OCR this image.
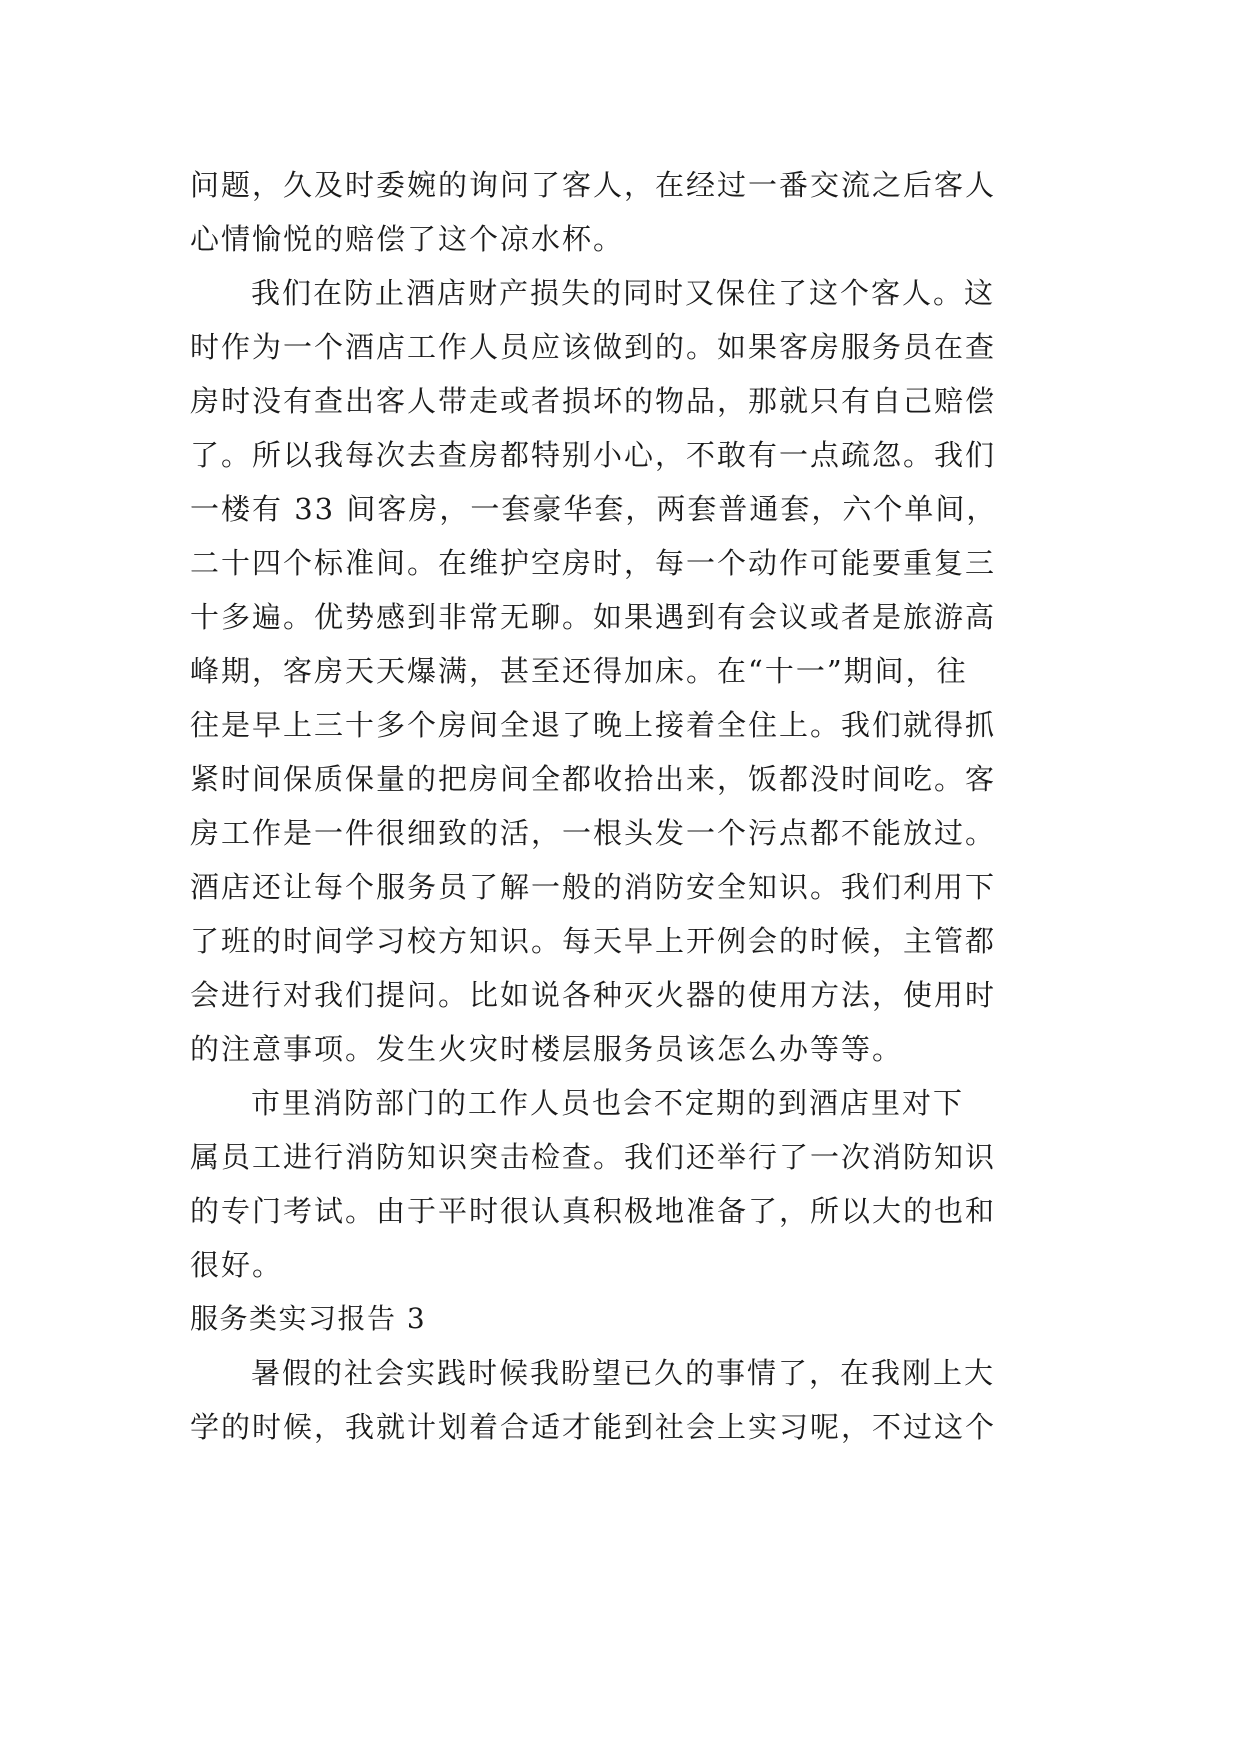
问题，久及时委婉的询问了客人，在经过一番交流之后客人
心情愉悦的赔偿了这个凉水杯。
我们在防止酒店财产损失的同时又保住了这个客人。这
时作为一个酒店工作人员应该做到的。如果客房服务员在查
房时没有查出客人带走或者损坏的物品，那就只有自己赔偿
了。所以我每次去查房都特别小心，不敢有一点疏忽。我们
一楼有 33 间客房，一套豪华套，两套普通套，六个单间，
二十四个标准间。在维护空房时，每一个动作可能要重复三
十多遍。优势感到非常无聊。如果遇到有会议或者是旅游高
峰期，客房天天爆满，甚至还得加床。在“十一”期间，往
往是早上三十多个房间全退了晚上接着全住上。我们就得抓
紧时间保质保量的把房间全都收拾出来，饭都没时间吃。客
房工作是一件很细致的活，一根头发一个污点都不能放过。
酒店还让每个服务员了解一般的消防安全知识。我们利用下
了班的时间学习校方知识。每天早上开例会的时候，主管都
会进行对我们提问。比如说各种灭火器的使用方法，使用时
的注意事项。发生火灾时楼层服务员该怎么办等等。
市里消防部门的工作人员也会不定期的到酒店里对下
属员工进行消防知识突击检查。我们还举行了一次消防知识
的专门考试。由于平时很认真积极地准备了，所以大的也和
很好。
服务类实习报告 3
暑假的社会实践时候我盼望已久的事情了，在我刚上大
学的时候，我就计划着合适才能到社会上实习呢，不过这个
